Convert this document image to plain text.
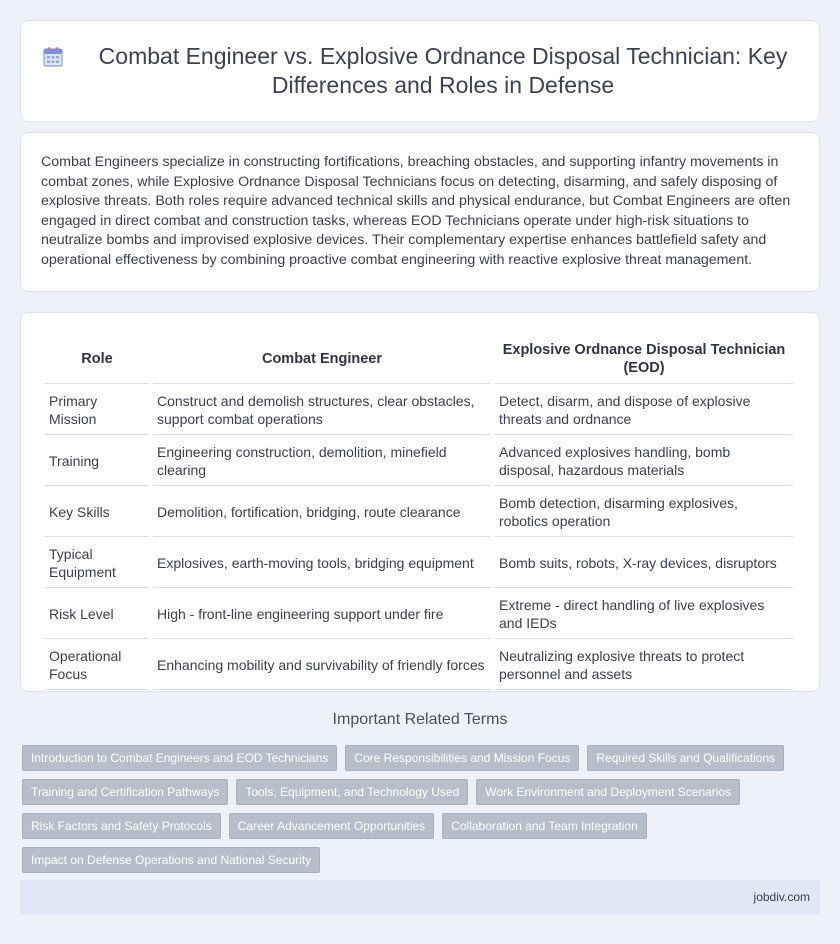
Combat Engineer vs. Explosive Ordnance Disposal Technician: Key Differences and Roles in Defense

Combat Engineers specialize in constructing fortifications, breaching obstacles, and supporting infantry movements in combat zones, while Explosive Ordnance Disposal Technicians focus on detecting, disarming, and safely disposing of explosive threats. Both roles require advanced technical skills and physical endurance, but Combat Engineers are often engaged in direct combat and construction tasks, whereas EOD Technicians operate under high-risk situations to neutralize bombs and improvised explosive devices. Their complementary expertise enhances battlefield safety and operational effectiveness by combining proactive combat engineering with reactive explosive threat management.

Role	Combat Engineer	Explosive Ordnance Disposal Technician (EOD)
Primary Mission	Construct and demolish structures, clear obstacles, support combat operations	Detect, disarm, and dispose of explosive threats and ordnance
Training	Engineering construction, demolition, minefield clearing	Advanced explosives handling, bomb disposal, hazardous materials
Key Skills	Demolition, fortification, bridging, route clearance	Bomb detection, disarming explosives, robotics operation
Typical Equipment	Explosives, earth-moving tools, bridging equipment	Bomb suits, robots, X-ray devices, disruptors
Risk Level	High - front-line engineering support under fire	Extreme - direct handling of live explosives and IEDs
Operational Focus	Enhancing mobility and survivability of friendly forces	Neutralizing explosive threats to protect personnel and assets
Important Related Terms
Introduction to Combat Engineers and EOD Technicians	Core Responsibilities and Mission Focus	Required Skills and Qualifications
Training and Certification Pathways	Tools, Equipment, and Technology Used	Work Environment and Deployment Scenarios
Risk Factors and Safety Protocols	Career Advancement Opportunities	Collaboration and Team Integration
Impact on Defense Operations and National Security
jobdiv.com
